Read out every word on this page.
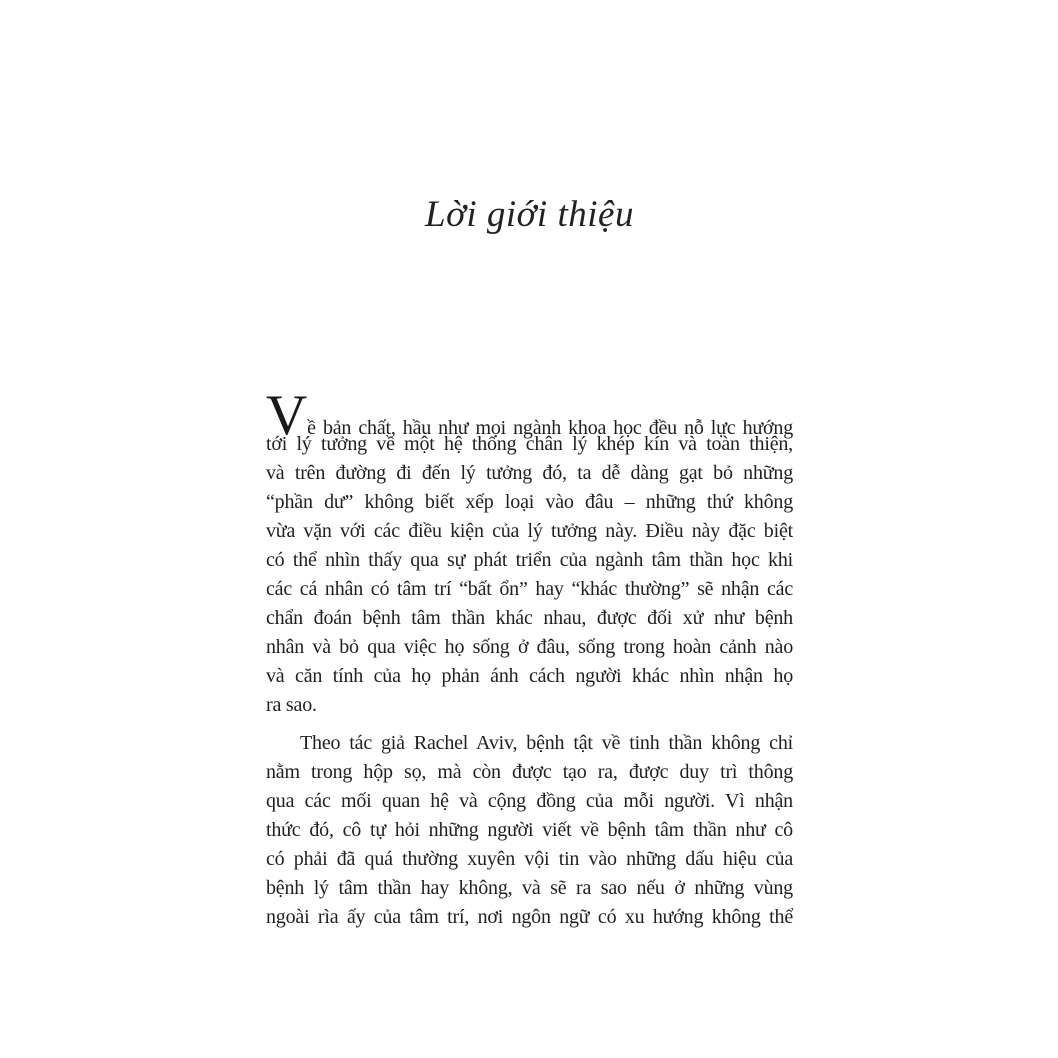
Lời giới thiệu
Về bản chất, hầu như mọi ngành khoa học đều nỗ lực hướng
tới lý tưởng về một hệ thống chân lý khép kín và toàn thiện,
và trên đường đi đến lý tưởng đó, ta dễ dàng gạt bỏ những
“phần dư” không biết xếp loại vào đâu – những thứ không
vừa vặn với các điều kiện của lý tưởng này. Điều này đặc biệt
có thể nhìn thấy qua sự phát triển của ngành tâm thần học khi
các cá nhân có tâm trí “bất ổn” hay “khác thường” sẽ nhận các
chẩn đoán bệnh tâm thần khác nhau, được đối xử như bệnh
nhân và bỏ qua việc họ sống ở đâu, sống trong hoàn cảnh nào
và căn tính của họ phản ánh cách người khác nhìn nhận họ
ra sao.
Theo tác giả Rachel Aviv, bệnh tật về tinh thần không chỉ
nằm trong hộp sọ, mà còn được tạo ra, được duy trì thông
qua các mối quan hệ và cộng đồng của mỗi người. Vì nhận
thức đó, cô tự hỏi những người viết về bệnh tâm thần như cô
có phải đã quá thường xuyên vội tin vào những dấu hiệu của
bệnh lý tâm thần hay không, và sẽ ra sao nếu ở những vùng
ngoài rìa ấy của tâm trí, nơi ngôn ngữ có xu hướng không thể
